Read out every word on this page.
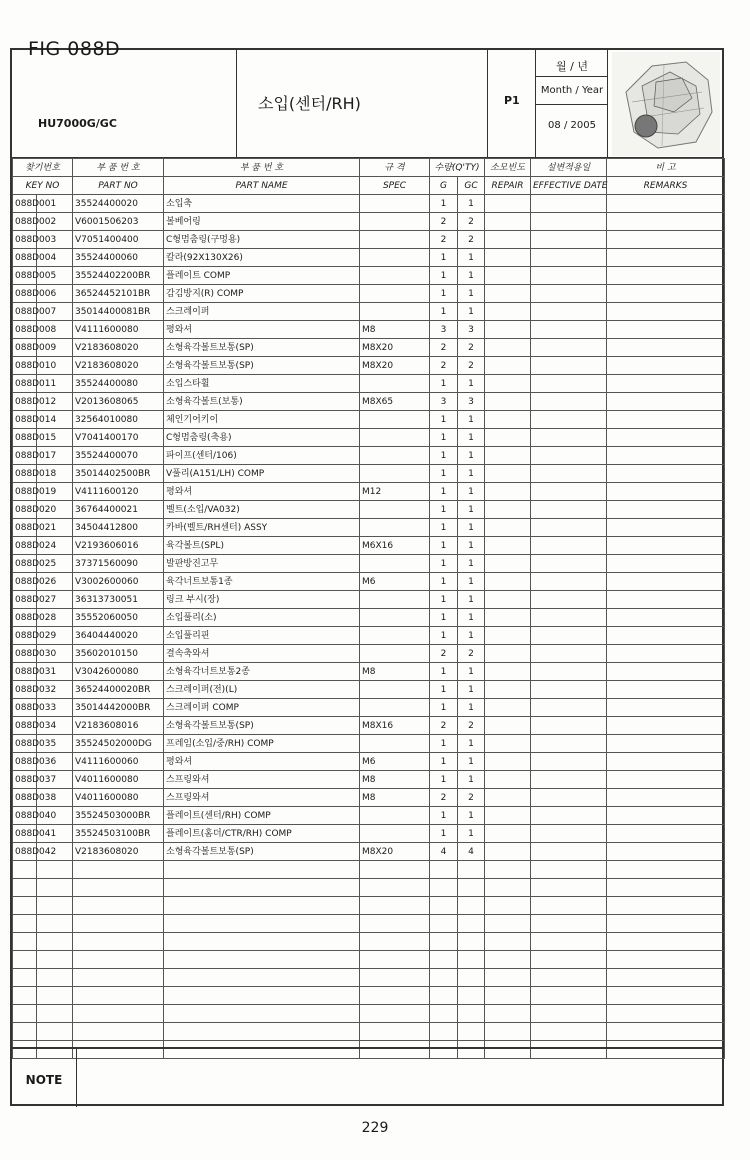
FIG 088D
HU7000G/GC
소입(센터/RH)	P1
월 / 년
Month / Year
08 / 2005
찾기번호		부 품 번 호	부 품 번 호	규 격	수량(Q'TY)		소모빈도	설변적용일	비 고
KEY NO		PART NO	PART NAME	SPEC	G	GC	REPAIR	EFFECTIVE DATE	REMARKS
088D	001	35524400020	소입축		1	1			
088D	002	V6001506203	볼베어링		2	2			
088D	003	V7051400400	C형멈춤링(구멍용)		2	2			
088D	004	35524400060	칼라(92X130X26)		1	1			
088D	005	35524402200BR	플레이트 COMP		1	1			
088D	006	36524452101BR	감김방지(R) COMP		1	1			
088D	007	35014400081BR	스크레이퍼		1	1			
088D	008	V4111600080	평와셔	M8	3	3			
088D	009	V2183608020	소형육각볼트보통(SP)	M8X20	2	2			
088D	010	V2183608020	소형육각볼트보통(SP)	M8X20	2	2			
088D	011	35524400080	소입스타휠		1	1			
088D	012	V2013608065	소형육각볼트(보통)	M8X65	3	3			
088D	014	32564010080	체인기어키이		1	1			
088D	015	V7041400170	C형멈춤링(축용)		1	1			
088D	017	35524400070	파이프(센터/106)		1	1			
088D	018	35014402500BR	V풀리(A151/LH) COMP		1	1			
088D	019	V4111600120	평와셔	M12	1	1			
088D	020	36764400021	벨트(소입/VA032)		1	1			
088D	021	34504412800	카바(벨트/RH센터) ASSY		1	1			
088D	024	V2193606016	육각볼트(SPL)	M6X16	1	1			
088D	025	37371560090	발판방진고무		1	1			
088D	026	V3002600060	육각너트보통1종	M6	1	1			
088D	027	36313730051	링크 부시(장)		1	1			
088D	028	35552060050	소입풀리(소)		1	1			
088D	029	36404440020	소입풀리핀		1	1			
088D	030	35602010150	결속축와셔		2	2			
088D	031	V3042600080	소형육각너트보통2종	M8	1	1			
088D	032	36524400020BR	스크레이퍼(전)(L)		1	1			
088D	033	35014442000BR	스크레이퍼 COMP		1	1			
088D	034	V2183608016	소형육각볼트보통(SP)	M8X16	2	2			
088D	035	35524502000DG	프레임(소입/중/RH) COMP		1	1			
088D	036	V4111600060	평와셔	M6	1	1			
088D	037	V4011600080	스프링와셔	M8	1	1			
088D	038	V4011600080	스프링와셔	M8	2	2			
088D	040	35524503000BR	플레이트(센터/RH) COMP		1	1			
088D	041	35524503100BR	플레이트(홈더/CTR/RH) COMP		1	1			
088D	042	V2183608020	소형육각볼트보통(SP)	M8X20	4	4			

NOTE
229
